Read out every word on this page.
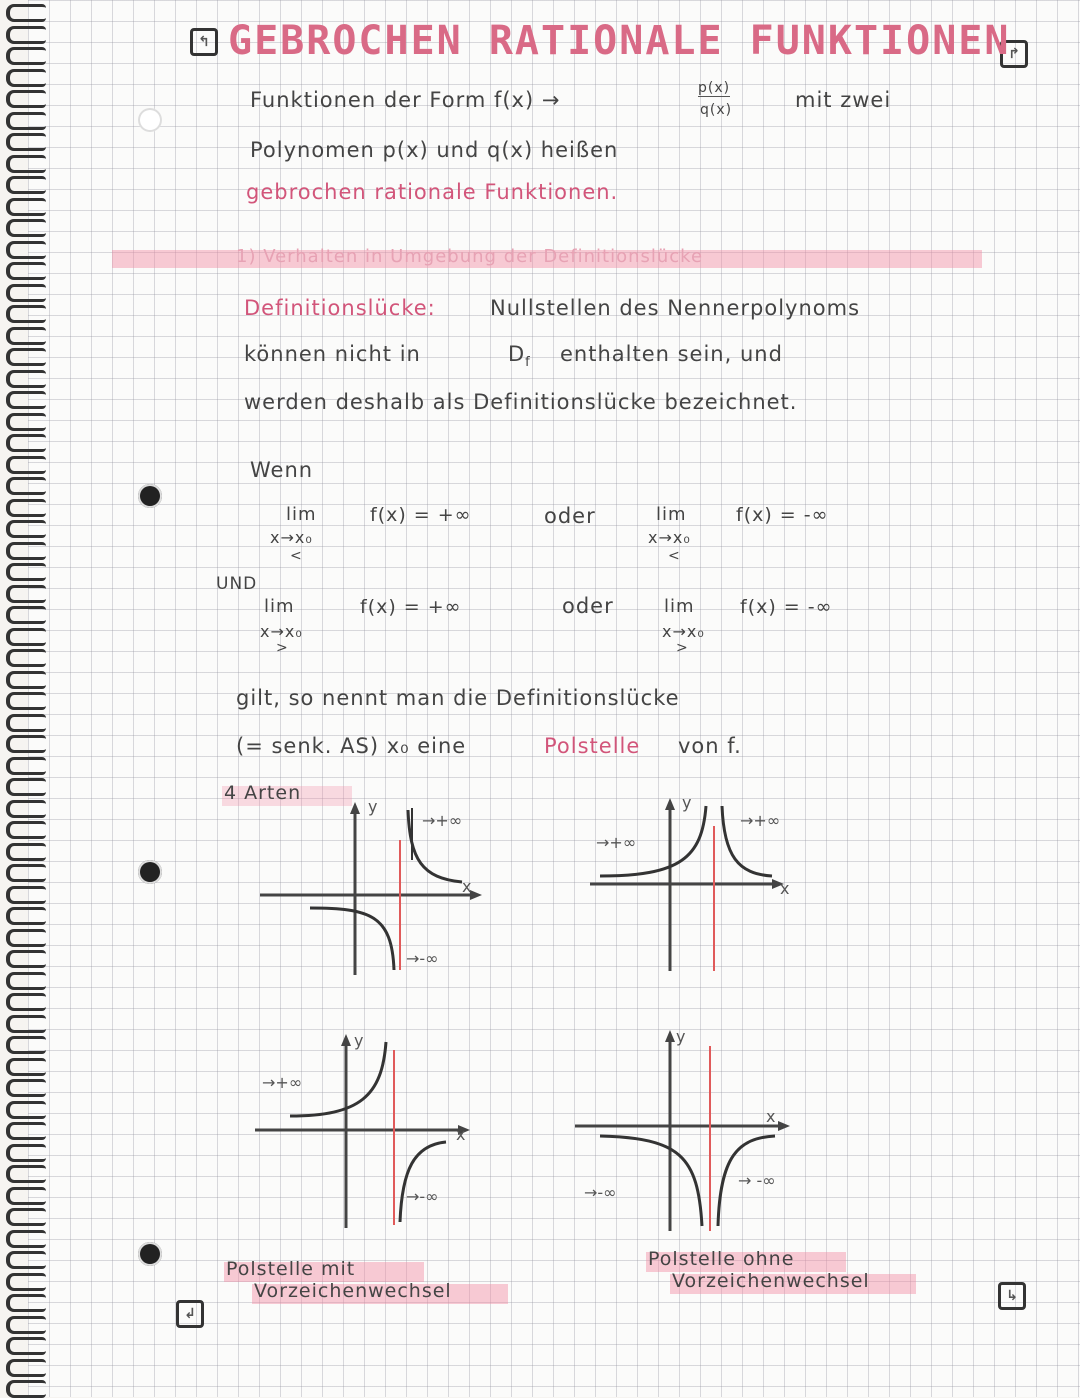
↰
↱
↲
↳
GEBROCHEN RATIONALE FUNKTIONEN
Funktionen der Form f(x) →	p(x)
q(x)	mit zwei
Polynomen p(x) und q(x) heißen
gebrochen rationale Funktionen.
1) Verhalten in Umgebung der Definitionslücke
Definitionslücke:	Nullstellen des Nennerpolynoms
können nicht in	$D_f$ enthalten sein, und
werden deshalb als Definitionslücke bezeichnet.
Wenn
lim
x→x₀
<
f(x) = +∞	oder	lim
x→x₀
<
f(x) = -∞
UND
lim
x→x₀
>
f(x) = +∞	oder	lim
x→x₀
>
f(x) = -∞
gilt, so nennt man die Definitionslücke
(= senk. AS) x₀ eine	Polstelle von f.
4 Arten
y
x
→+∞
→-∞
y
x
→+∞
→+∞
y
x
→+∞
→-∞
y
x
→-∞
→ -∞
Polstelle mit
Vorzeichenwechsel
Polstelle ohne
Vorzeichenwechsel
